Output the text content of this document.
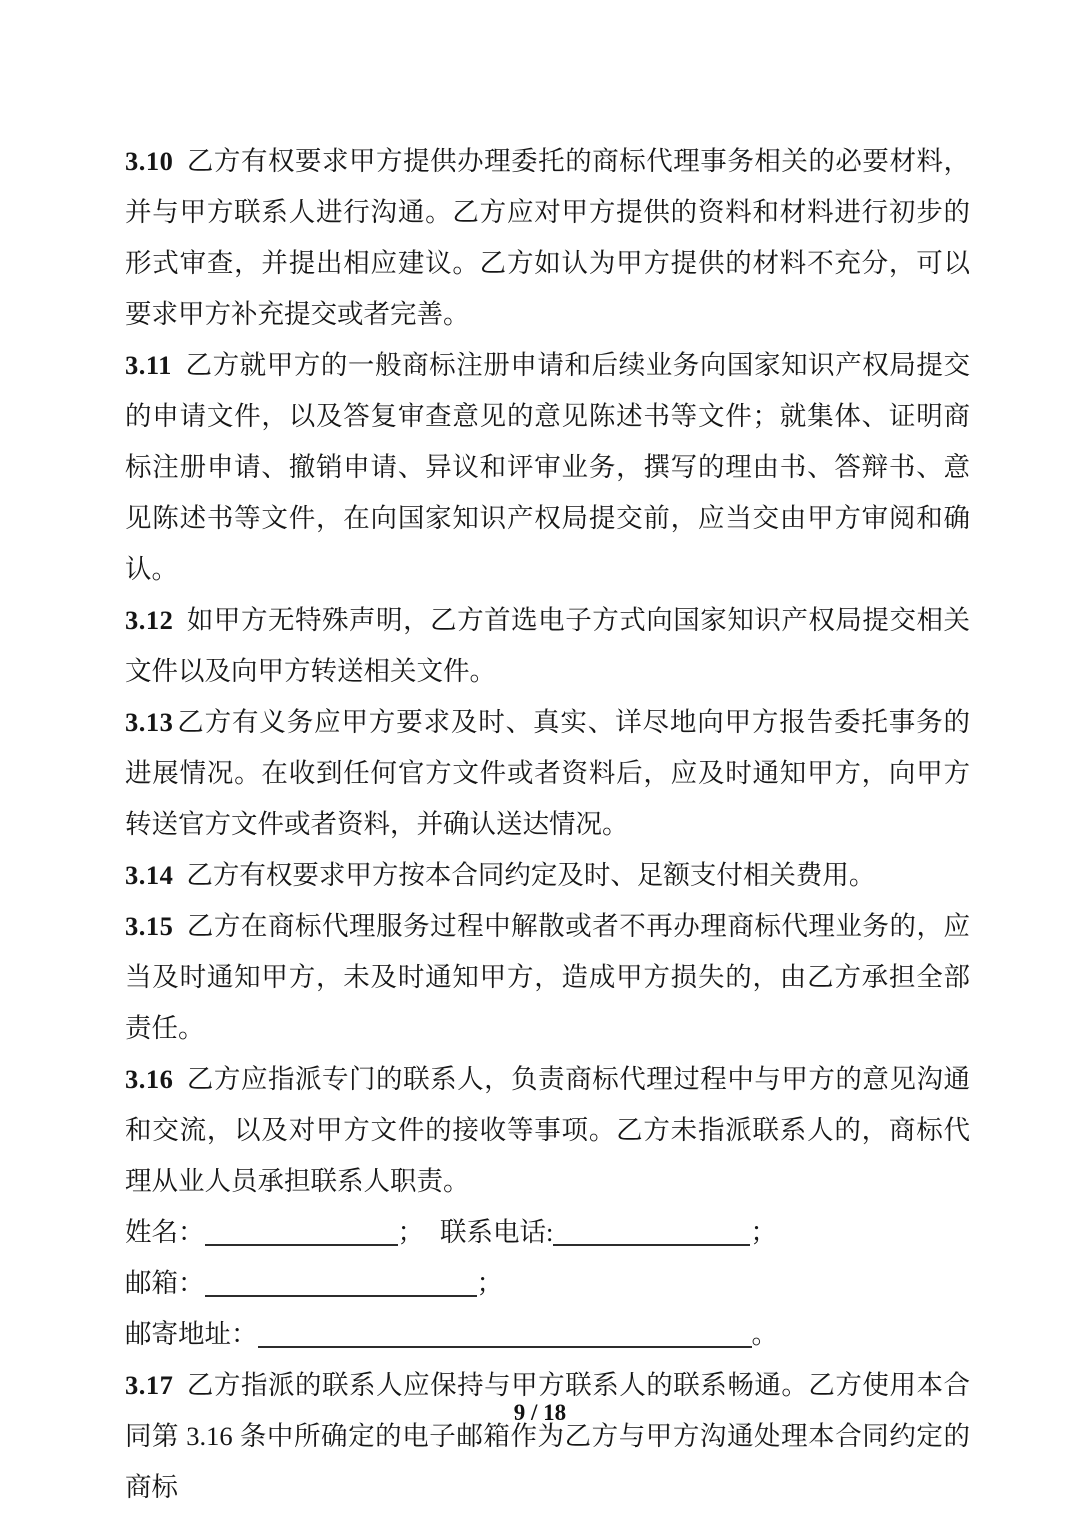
3.10 乙方有权要求甲方提供办理委托的商标代理事务相关的必要材料，并与甲方联系人进行沟通。乙方应对甲方提供的资料和材料进行初步的形式审查，并提出相应建议。乙方如认为甲方提供的材料不充分，可以要求甲方补充提交或者完善。

3.11 乙方就甲方的一般商标注册申请和后续业务向国家知识产权局提交的申请文件，以及答复审查意见的意见陈述书等文件；就集体、证明商标注册申请、撤销申请、异议和评审业务，撰写的理由书、答辩书、意见陈述书等文件，在向国家知识产权局提交前，应当交由甲方审阅和确认。

3.12 如甲方无特殊声明，乙方首选电子方式向国家知识产权局提交相关文件以及向甲方转送相关文件。

3.13 乙方有义务应甲方要求及时、真实、详尽地向甲方报告委托事务的进展情况。在收到任何官方文件或者资料后，应及时通知甲方，向甲方转送官方文件或者资料，并确认送达情况。

3.14 乙方有权要求甲方按本合同约定及时、足额支付相关费用。

3.15 乙方在商标代理服务过程中解散或者不再办理商标代理业务的，应当及时通知甲方，未及时通知甲方，造成甲方损失的，由乙方承担全部责任。

3.16 乙方应指派专门的联系人，负责商标代理过程中与甲方的意见沟通和交流，以及对甲方文件的接收等事项。乙方未指派联系人的，商标代理从业人员承担联系人职责。

姓名：	； 联系电话:	；

邮箱：	；

邮寄地址：	。

3.17 乙方指派的联系人应保持与甲方联系人的联系畅通。乙方使用本合同第 3.16 条中所确定的电子邮箱作为乙方与甲方沟通处理本合同约定的商标

9 / 18
